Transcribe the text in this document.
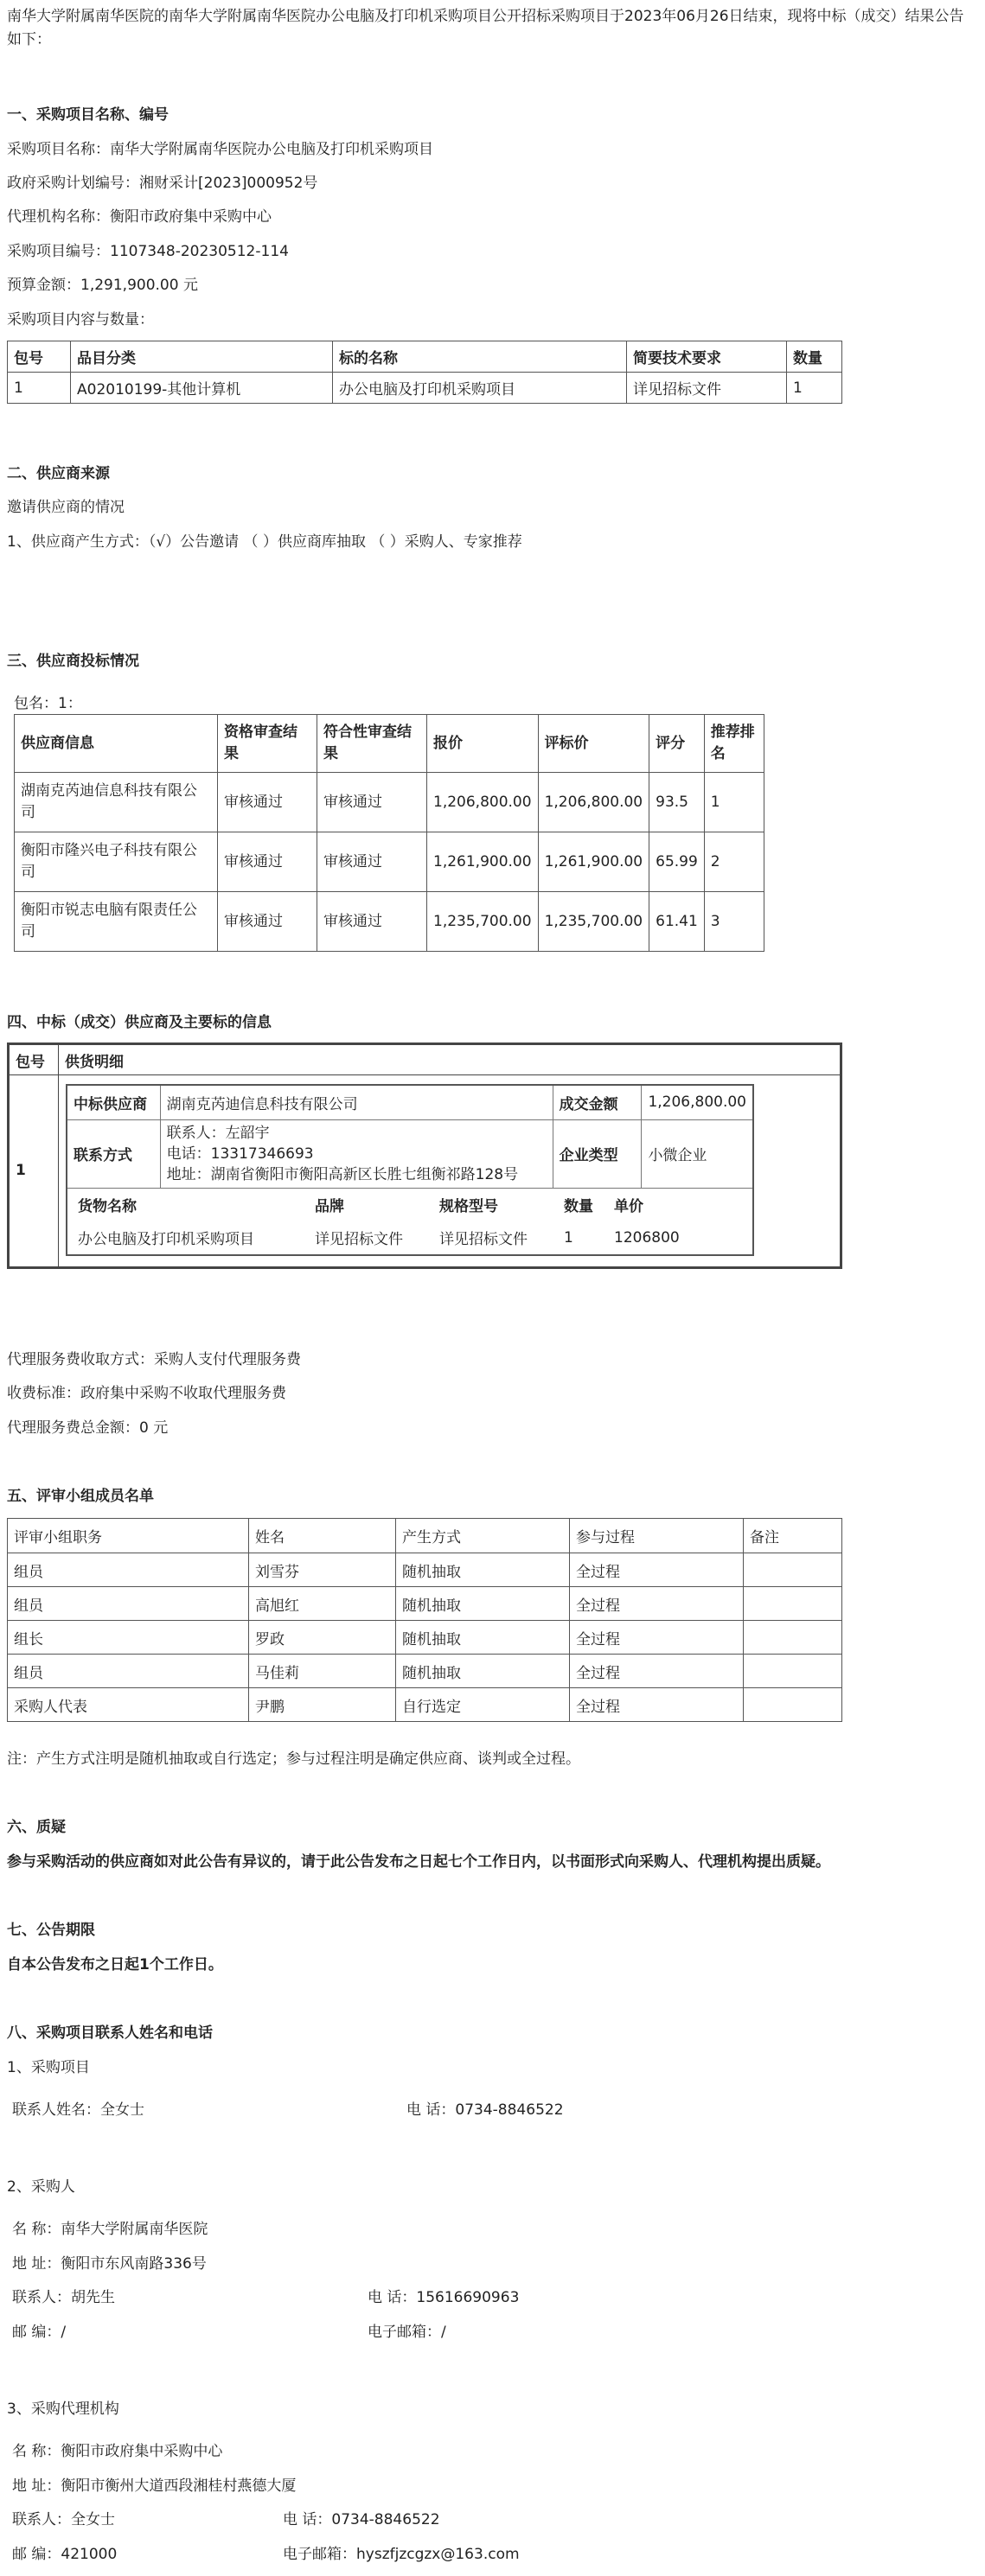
南华大学附属南华医院的南华大学附属南华医院办公电脑及打印机采购项目公开招标采购项目于2023年06月26日结束，现将中标（成交）结果公告如下：
一、采购项目名称、编号
采购项目名称：南华大学附属南华医院办公电脑及打印机采购项目
政府采购计划编号：湘财采计[2023]000952号
代理机构名称：衡阳市政府集中采购中心
采购项目编号：1107348-20230512-114
预算金额：1,291,900.00 元
采购项目内容与数量：
包号	品目分类	标的名称	简要技术要求	数量
1	A02010199-其他计算机	办公电脑及打印机采购项目	详见招标文件	1
二、供应商来源
邀请供应商的情况
1、供应商产生方式：（√）公告邀请 （ ）供应商库抽取 （ ）采购人、专家推荐
三、供应商投标情况
包名：1：
供应商信息	资格审查结果	符合性审查结果	报价	评标价	评分	推荐排名
湖南克芮迪信息科技有限公司	审核通过	审核通过	1,206,800.00	1,206,800.00	93.5	1
衡阳市隆兴电子科技有限公司	审核通过	审核通过	1,261,900.00	1,261,900.00	65.99	2
衡阳市锐志电脑有限责任公司	审核通过	审核通过	1,235,700.00	1,235,700.00	61.41	3
四、中标（成交）供应商及主要标的信息
包号	供货明细
1	
中标供应商	湖南克芮迪信息科技有限公司	成交金额	1,206,800.00
联系方式	
联系人：左韶宇
电话：13317346693
地址：湖南省衡阳市衡阳高新区长胜七组衡祁路128号
	企业类型	小微企业

货物名称	品牌	规格型号	数量	单价
办公电脑及打印机采购项目	详见招标文件	详见招标文件	1	1206800
代理服务费收取方式：采购人支付代理服务费
收费标准：政府集中采购不收取代理服务费
代理服务费总金额：0 元
五、评审小组成员名单
评审小组职务	姓名	产生方式	参与过程	备注
组员	刘雪芬	随机抽取	全过程	
组员	高旭红	随机抽取	全过程	
组长	罗政	随机抽取	全过程	
组员	马佳莉	随机抽取	全过程	
采购人代表	尹鹏	自行选定	全过程	
注：产生方式注明是随机抽取或自行选定；参与过程注明是确定供应商、谈判或全过程。
六、质疑
参与采购活动的供应商如对此公告有异议的，请于此公告发布之日起七个工作日内，以书面形式向采购人、代理机构提出质疑。
七、公告期限
自本公告发布之日起1个工作日。
八、采购项目联系人姓名和电话
1、采购项目
联系人姓名：全女士	电 话：0734-8846522
2、采购人
名 称：南华大学附属南华医院
地 址：衡阳市东风南路336号
联系人：胡先生	电 话：15616690963
邮 编：/	电子邮箱：/
3、采购代理机构
名 称：衡阳市政府集中采购中心
地 址：衡阳市衡州大道西段湘桂村燕德大厦
联系人：全女士	电 话：0734-8846522
邮 编：421000	电子邮箱：hyszfjzcgzx@163.com
